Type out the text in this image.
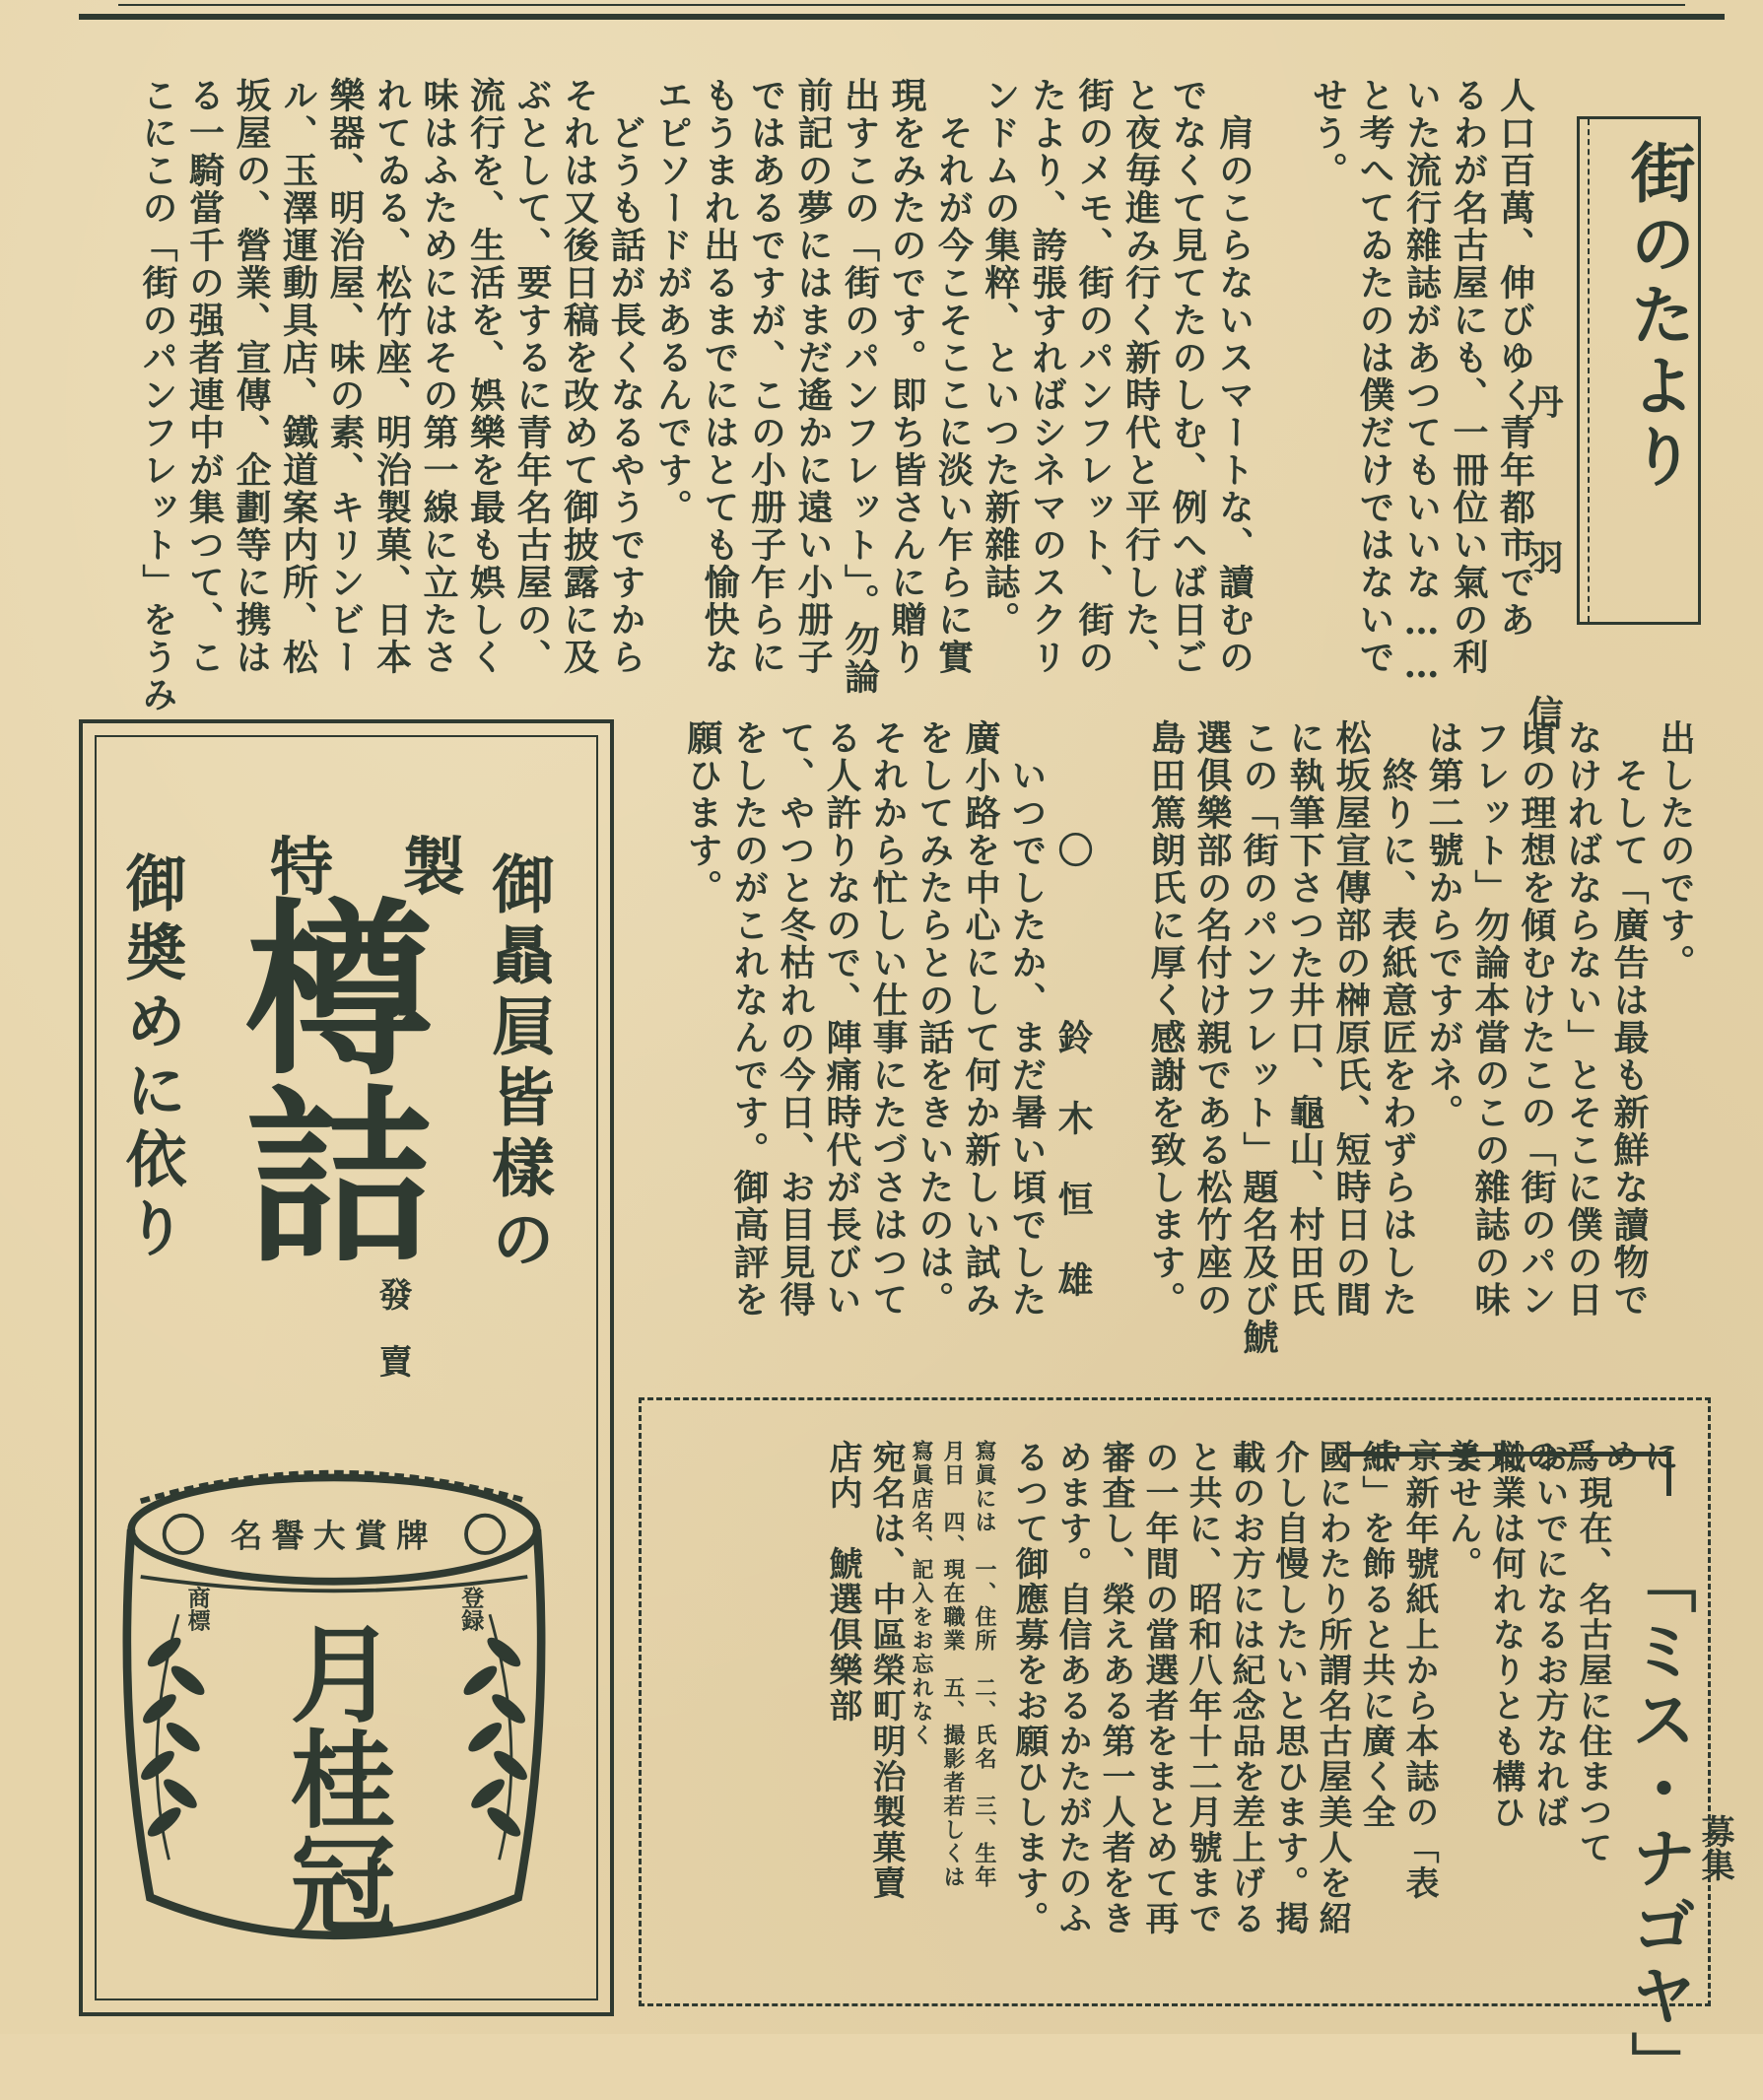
街のたより
丹 羽 信
人口百萬、伸びゆく青年都市であ
るわが名古屋にも、一冊位い氣の利
いた流行雜誌があつてもいいな……
と考へてゐたのは僕だけではないで
せう。
　肩のこらないスマートな、讀むの
でなくて見てたのしむ、例へば日ご
と夜毎進み行く新時代と平行した、
街のメモ、街のパンフレット、街の
たより、誇張すればシネマのスクリ
ンドムの集粹、といつた新雜誌。
　それが今こそここに淡い乍らに實
現をみたのです。即ち皆さんに贈り
出すこの「街のパンフレット」。勿論
前記の夢にはまだ遙かに遠い小册子
ではあるですが、この小册子乍らに
もうまれ出るまでにはとても愉快な
エピソードがあるんです。
　どうも話が長くなるやうですから
それは又後日稿を改めて御披露に及
ぶとして、要するに青年名古屋の、
流行を、生活を、娯樂を最も娯しく
味はふためにはその第一線に立たさ
れてゐる、松竹座、明治製菓、日本
樂器、明治屋、味の素、キリンビー
ル、玉澤運動具店、鐵道案内所、松
坂屋の、營業、宣傳、企劃等に携は
る一騎當千の强者連中が集つて、こ
こにこの「街のパンフレット」をうみ
出したのです。
　そして「廣告は最も新鮮な讀物で
なければならない」とそこに僕の日
頃の理想を傾むけたこの「街のパン
フレット」勿論本當のこの雜誌の味
は第二號からですがネ。
　終りに、表紙意匠をわずらはした
松坂屋宣傳部の榊原氏、短時日の間
に執筆下さつた井口、龜山、村田氏
この「街のパンフレット」題名及び鯱
選俱樂部の名付け親である松竹座の
島田篤朗氏に厚く感謝を致します。
　　　〇　　　　鈴 木 恒 雄
　いつでしたか、まだ暑い頃でした
廣小路を中心にして何か新しい試み
をしてみたらとの話をきいたのは。
それから忙しい仕事にたづさはつて
る人許りなので、陣痛時代が長びい
て、やつと冬枯れの今日、お目見得
をしたのがこれなんです。御高評を
願ひます。
御贔屓皆樣の
御奬めに依り 特製
樽詰
發賣
名譽大賞牌
商標	登録
月桂冠
中京美人の爲めに
「ミス・ナゴヤ」
募集
　現在、名古屋に住まつて
おいでになるお方なれば
職業は何れなりとも構ひ
ません。
　新年號紙上から本誌の「表
紙」を飾ると共に廣く全
國にわたり所謂名古屋美人を紹
介し自慢したいと思ひます。掲
載のお方には紀念品を差上げる
と共に、昭和八年十二月號まで
の一年間の當選者をまとめて再
審査し、榮えある第一人者をき
めます。自信あるかたがたのふ
るつて御應募をお願ひします。
寫眞には　一、住所　二、氏名　三、生年
月日　四、現在職業　五、撮影者若しくは
寫眞店名、記入をお忘れなく
宛名は、中區榮町明治製菓賣
店内　鯱選俱樂部
